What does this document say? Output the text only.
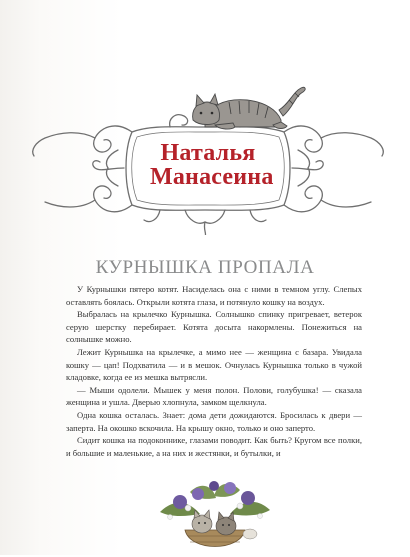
Наталья
Манасеина
КУРНЫШКА ПРОПАЛА

У Курнышки пятеро котят. Насиделась она с ними в темном углу. Слепых оставлять боялась. Открыли котята глаза, и потянуло кошку на воздух.

Выбралась на крылечко Курнышка. Солнышко спинку пригревает, ветерок серую шерстку перебирает. Котята досыта накормлены. Понежиться на солнышке можно.

Лежит Курнышка на крылечке, а мимо нее — женщина с базара. Увидала кошку — цап! Подхватила — и в мешок. Очнулась Курнышка только в чужой кладовке, когда ее из мешка вытрясли.

— Мыши одолели. Мышек у меня полон. Полови, голубушка! — сказала женщина и ушла. Дверью хлопнула, замком щелкнула.

Одна кошка осталась. Знает: дома дети дожидаются. Бросилась к двери — заперта. На окошко вскочила. На крышу окно, только и оно заперто.

Сидит кошка на подоконнике, глазами поводит. Как быть? Кругом все полки, и большие и маленькие, а на них и жестянки, и бутылки, и
